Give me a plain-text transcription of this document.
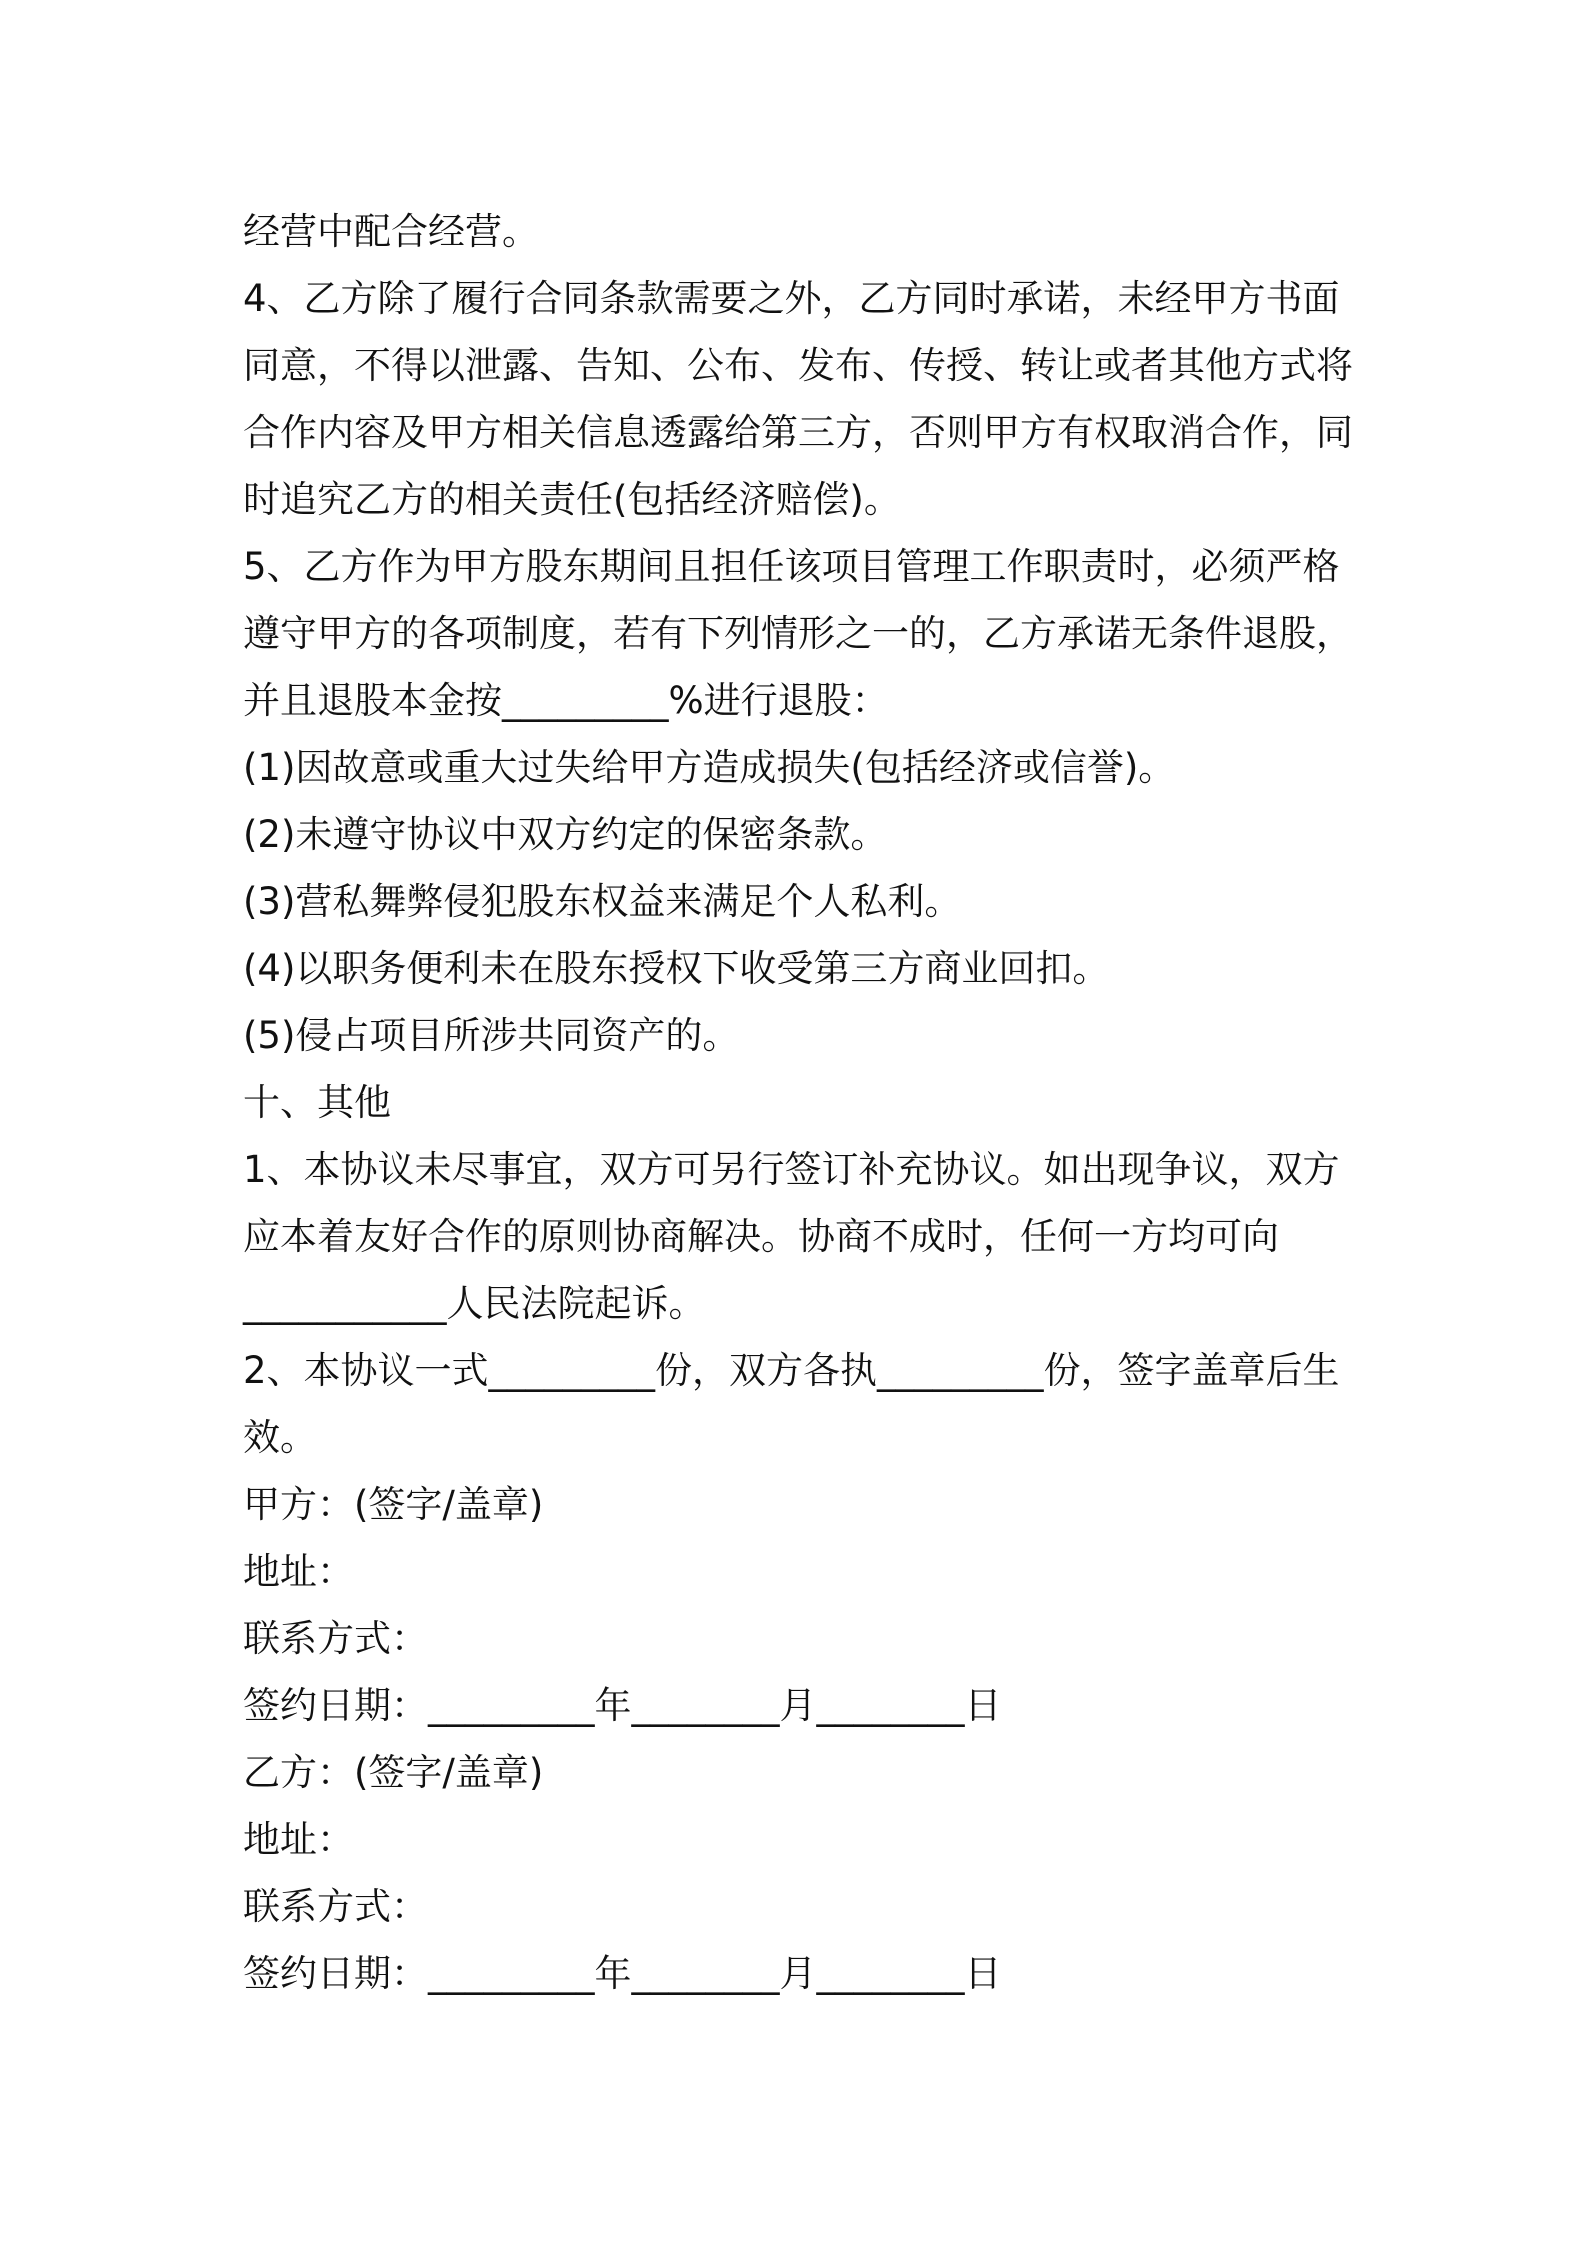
经营中配合经营。
4、乙方除了履行合同条款需要之外，乙方同时承诺，未经甲方书面
同意，不得以泄露、告知、公布、发布、传授、转让或者其他方式将
合作内容及甲方相关信息透露给第三方，否则甲方有权取消合作，同
时追究乙方的相关责任(包括经济赔偿)。
5、乙方作为甲方股东期间且担任该项目管理工作职责时，必须严格
遵守甲方的各项制度，若有下列情形之一的，乙方承诺无条件退股，
并且退股本金按_________%进行退股：
(1)因故意或重大过失给甲方造成损失(包括经济或信誉)。
(2)未遵守协议中双方约定的保密条款。
(3)营私舞弊侵犯股东权益来满足个人私利。
(4)以职务便利未在股东授权下收受第三方商业回扣。
(5)侵占项目所涉共同资产的。
十、其他
1、本协议未尽事宜，双方可另行签订补充协议。如出现争议，双方
应本着友好合作的原则协商解决。协商不成时，任何一方均可向
___________人民法院起诉。
2、本协议一式_________份，双方各执_________份，签字盖章后生
效。
甲方：(签字/盖章)
地址：
联系方式：
签约日期：_________年________月________日
乙方：(签字/盖章)
地址：
联系方式：
签约日期：_________年________月________日
